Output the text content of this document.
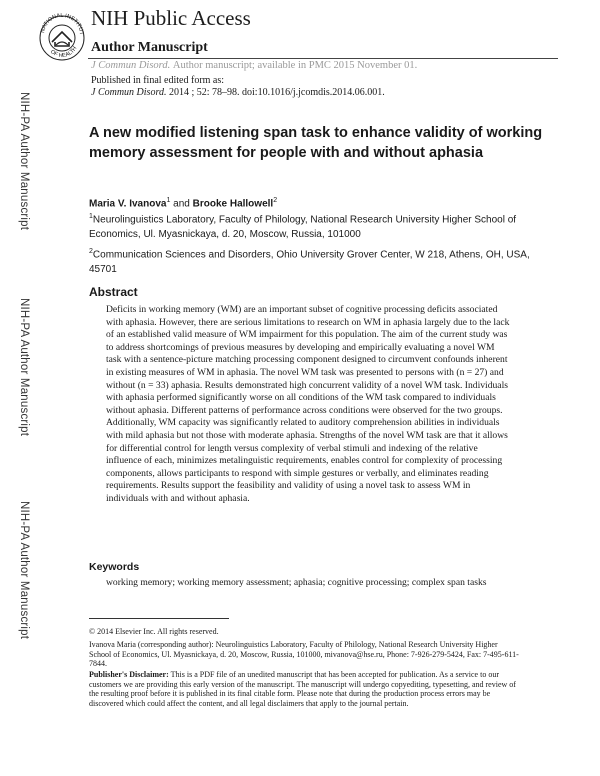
NATIONAL INSTITUT
OF HEALTH
NIH Public Access
Author Manuscript
J Commun Disord. Author manuscript; available in PMC 2015 November 01.
Published in final edited form as:
J Commun Disord. 2014 ; 52: 78–98. doi:10.1016/j.jcomdis.2014.06.001.
NIH-PA Author Manuscript
NIH-PA Author Manuscript
NIH-PA Author Manuscript
A new modified listening span task to enhance validity of working memory assessment for people with and without aphasia
Maria V. Ivanova$^1$ and Brooke Hallowell$^2$
$^1$Neurolinguistics Laboratory, Faculty of Philology, National Research University Higher School of Economics, Ul. Myasnickaya, d. 20, Moscow, Russia, 101000
$^2$Communication Sciences and Disorders, Ohio University Grover Center, W 218, Athens, OH, USA, 45701
Abstract
Deficits in working memory (WM) are an important subset of cognitive processing deficits associated with aphasia. However, there are serious limitations to research on WM in aphasia largely due to the lack of an established valid measure of WM impairment for this population. The aim of the current study was to address shortcomings of previous measures by developing and empirically evaluating a novel WM task with a sentence-picture matching processing component designed to circumvent confounds inherent in existing measures of WM in aphasia. The novel WM task was presented to persons with (n = 27) and without (n = 33) aphasia. Results demonstrated high concurrent validity of a novel WM task. Individuals with aphasia performed significantly worse on all conditions of the WM task compared to individuals without aphasia. Different patterns of performance across conditions were observed for the two groups. Additionally, WM capacity was significantly related to auditory comprehension abilities in individuals with mild aphasia but not those with moderate aphasia. Strengths of the novel WM task are that it allows for differential control for length versus complexity of verbal stimuli and indexing of the relative influence of each, minimizes metalinguistic requirements, enables control for complexity of processing components, allows participants to respond with simple gestures or verbally, and eliminates reading requirements. Results support the feasibility and validity of using a novel task to assess WM in individuals with and without aphasia.
Keywords
working memory; working memory assessment; aphasia; cognitive processing; complex span tasks
© 2014 Elsevier Inc. All rights reserved.
Ivanova Maria (corresponding author): Neurolinguistics Laboratory, Faculty of Philology, National Research University Higher School of Economics, Ul. Myasnickaya, d. 20, Moscow, Russia, 101000, mivanova@hse.ru, Phone: 7-926-279-5424, Fax: 7-495-611-7844.
Publisher's Disclaimer: This is a PDF file of an unedited manuscript that has been accepted for publication. As a service to our customers we are providing this early version of the manuscript. The manuscript will undergo copyediting, typesetting, and review of the resulting proof before it is published in its final citable form. Please note that during the production process errors may be discovered which could affect the content, and all legal disclaimers that apply to the journal pertain.
